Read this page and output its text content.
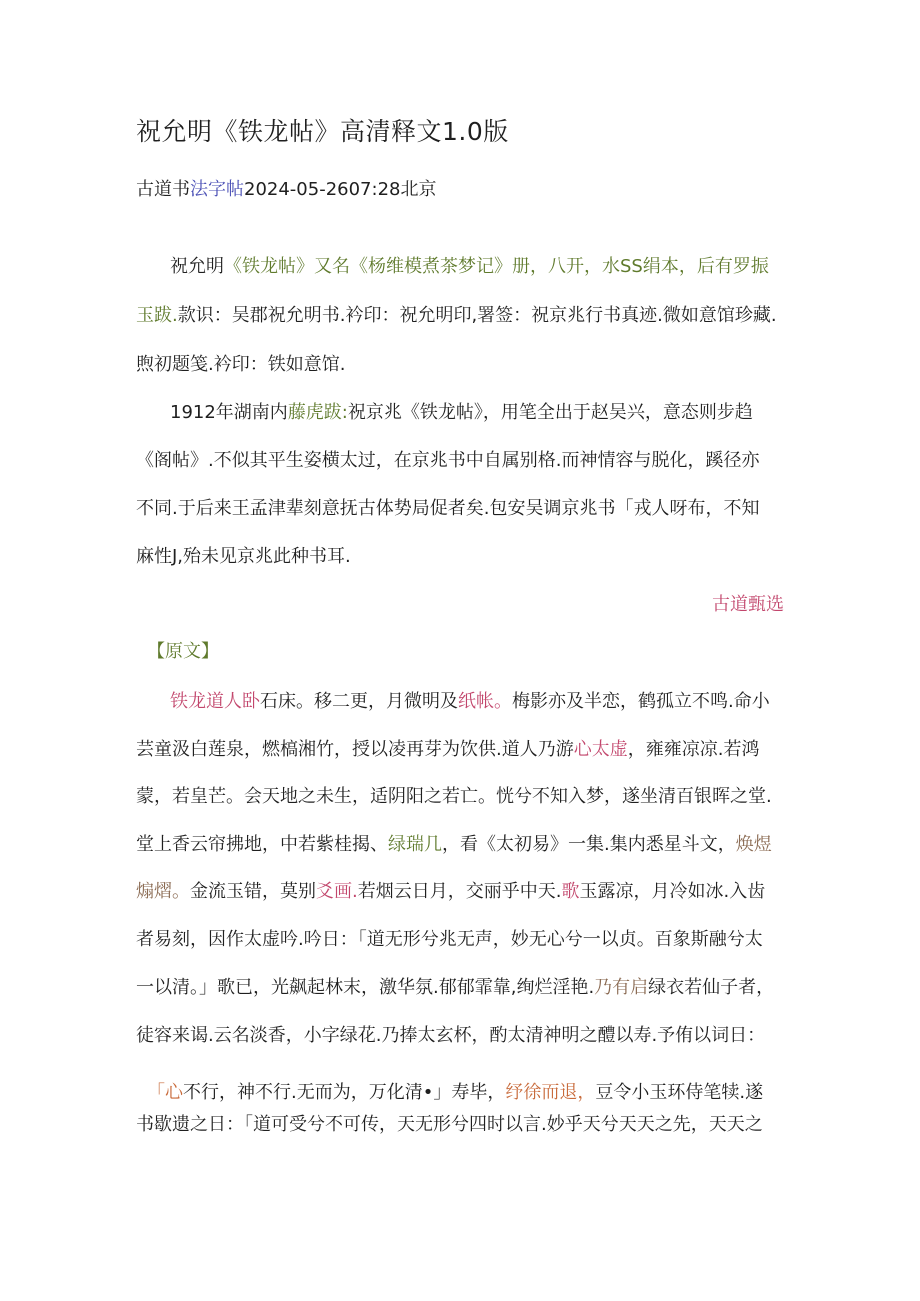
祝允明《铁龙帖》高清释文1.0版
古道书法字帖2024-05-2607:28北京
祝允明《铁龙帖》又名《杨维模煮茶梦记》册，八开，水SS绢本，后有罗振
玉跋.款识：吴郡祝允明书.衿印：祝允明印,署签：祝京兆行书真迹.微如意馆珍藏.
煦初题笺.衿印：铁如意馆.
1912年湖南内藤虎跋:祝京兆《铁龙帖》，用笔全出于赵吴兴，意态则步趋
《阁帖》.不似其平生姿横太过，在京兆书中自属别格.而神情容与脱化，蹊径亦
不同.于后来王孟津辈刻意抚古体势局促者矣.包安吴调京兆书「戎人呀布，不知
麻性J,殆未见京兆此种书耳.
古道甄选
【原文】
铁龙道人卧石床。移二更，月微明及纸帐。梅影亦及半恋，鹤孤立不鸣.命小
芸童汲白莲泉，燃槁湘竹，授以凌再芽为饮供.道人乃游心太虚，雍雍凉凉.若鸿
蒙，若皇芒。会天地之未生，适阴阳之若亡。恍兮不知入梦，遂坐清百银晖之堂.
堂上香云帘拂地，中若紫桂揭、绿瑞几，看《太初易》一集.集内悉星斗文，焕煜
煽熠。金流玉错，莫别爻画.若烟云日月，交丽乎中天.歌玉露凉，月冷如冰.入齿
者易刻，因作太虚吟.吟日：「道无形兮兆无声，妙无心兮一以贞。百象斯融兮太
一以清。」歌已，光飙起林末，激华氛.郁郁霏靠,绚烂淫艳.乃有启绿衣若仙子者，
徒容来谒.云名淡香，小字绿花.乃捧太玄杯，酌太清神明之醴以寿.予侑以词日：
「心不行，神不行.无而为，万化清•」寿毕，纾徐而退，豆令小玉环侍笔犊.遂
书歇遗之日：「道可受兮不可传，天无形兮四时以言.妙乎天兮天天之先，天天之
